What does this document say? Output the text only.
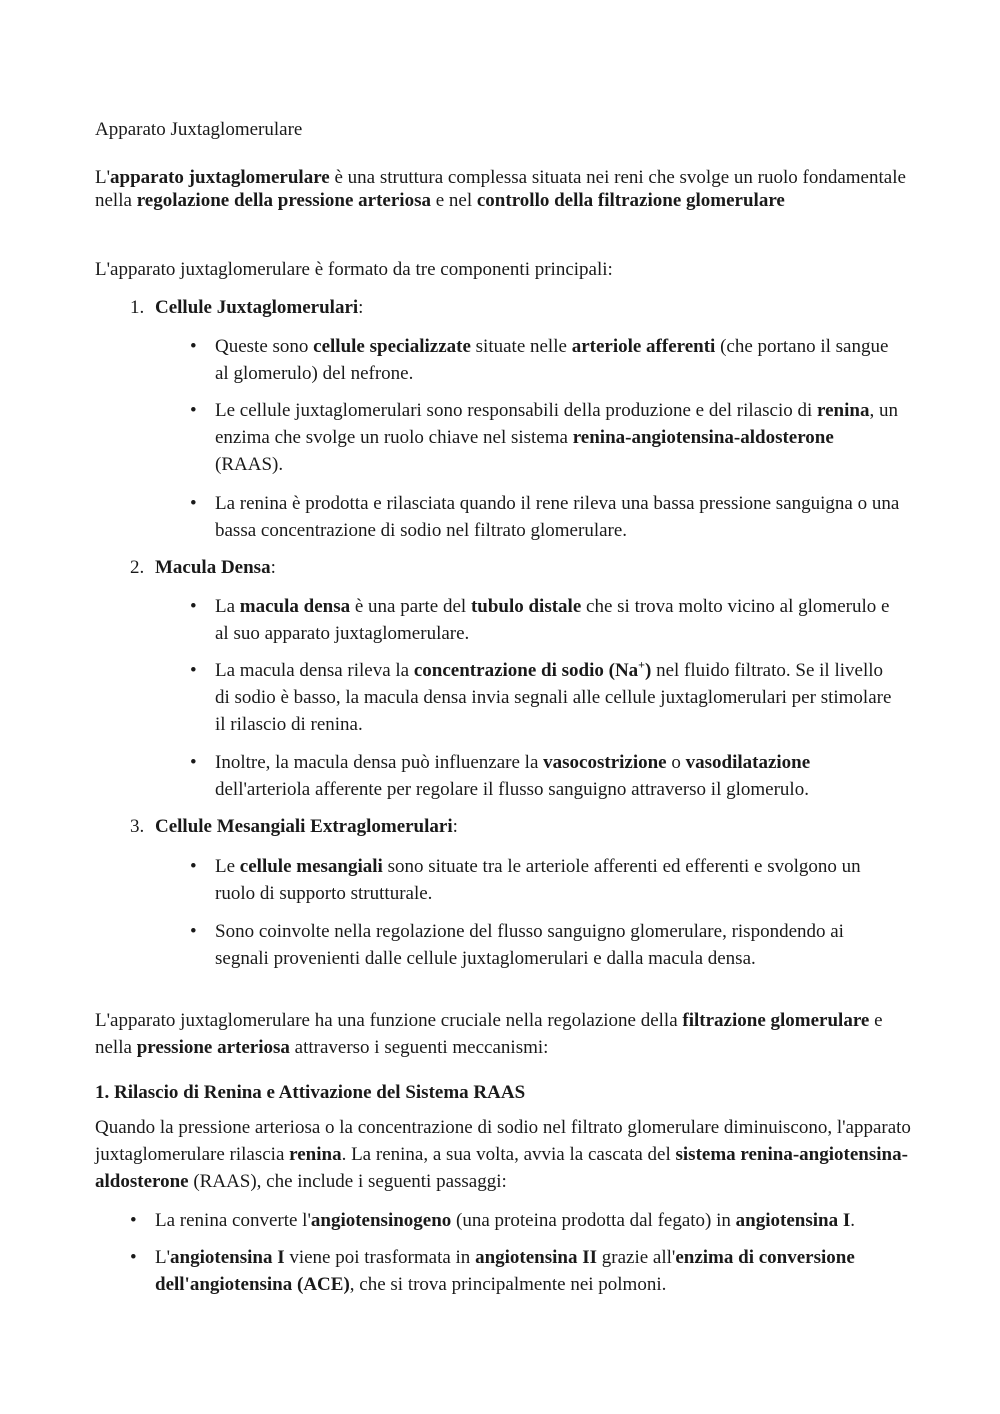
Apparato Juxtaglomerulare

L'apparato juxtaglomerulare è una struttura complessa situata nei reni che svolge un ruolo fondamentale nella regolazione della pressione arteriosa e nel controllo della filtrazione glomerulare

L'apparato juxtaglomerulare è formato da tre componenti principali:

1. Cellule Juxtaglomerulari:
• Queste sono cellule specializzate situate nelle arteriole afferenti (che portano il sangue al glomerulo) del nefrone.
• Le cellule juxtaglomerulari sono responsabili della produzione e del rilascio di renina, un enzima che svolge un ruolo chiave nel sistema renina-angiotensina-aldosterone (RAAS).
• La renina è prodotta e rilasciata quando il rene rileva una bassa pressione sanguigna o una bassa concentrazione di sodio nel filtrato glomerulare.
2. Macula Densa:
• La macula densa è una parte del tubulo distale che si trova molto vicino al glomerulo e al suo apparato juxtaglomerulare.
• La macula densa rileva la concentrazione di sodio (Na+) nel fluido filtrato. Se il livello di sodio è basso, la macula densa invia segnali alle cellule juxtaglomerulari per stimolare il rilascio di renina.
• Inoltre, la macula densa può influenzare la vasocostrizione o vasodilatazione dell'arteriola afferente per regolare il flusso sanguigno attraverso il glomerulo.
3. Cellule Mesangiali Extraglomerulari:
• Le cellule mesangiali sono situate tra le arteriole afferenti ed efferenti e svolgono un ruolo di supporto strutturale.
• Sono coinvolte nella regolazione del flusso sanguigno glomerulare, rispondendo ai segnali provenienti dalle cellule juxtaglomerulari e dalla macula densa.

L'apparato juxtaglomerulare ha una funzione cruciale nella regolazione della filtrazione glomerulare e nella pressione arteriosa attraverso i seguenti meccanismi:

1. Rilascio di Renina e Attivazione del Sistema RAAS

Quando la pressione arteriosa o la concentrazione di sodio nel filtrato glomerulare diminuiscono, l'apparato juxtaglomerulare rilascia renina. La renina, a sua volta, avvia la cascata del sistema renina-angiotensina-aldosterone (RAAS), che include i seguenti passaggi:

• La renina converte l'angiotensinogeno (una proteina prodotta dal fegato) in angiotensina I.
• L'angiotensina I viene poi trasformata in angiotensina II grazie all'enzima di conversione dell'angiotensina (ACE), che si trova principalmente nei polmoni.
